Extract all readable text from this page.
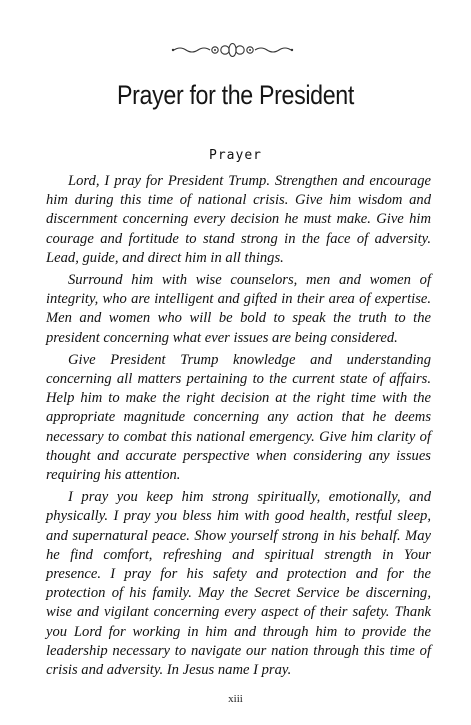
Prayer for the President
Prayer

Lord, I pray for President Trump. Strengthen and encourage him during this time of national crisis. Give him wisdom and discernment concerning every decision he must make. Give him courage and fortitude to stand strong in the face of adversity. Lead, guide, and direct him in all things.

Surround him with wise counselors, men and women of integrity, who are intelligent and gifted in their area of expertise. Men and women who will be bold to speak the truth to the president concerning what ever issues are being considered.

Give President Trump knowledge and understanding concerning all matters pertaining to the current state of affairs. Help him to make the right decision at the right time with the appropriate magnitude concerning any action that he deems necessary to combat this national emergency. Give him clarity of thought and accurate perspective when considering any issues requiring his attention.

I pray you keep him strong spiritually, emotionally, and physically. I pray you bless him with good health, restful sleep, and supernatural peace. Show yourself strong in his behalf. May he find comfort, refreshing and spiritual strength in Your presence. I pray for his safety and protection and for the protection of his family. May the Secret Service be discerning, wise and vigilant concerning every aspect of their safety. Thank you Lord for working in him and through him to provide the leadership necessary to navigate our nation through this time of crisis and adversity. In Jesus name I pray.

xiii
